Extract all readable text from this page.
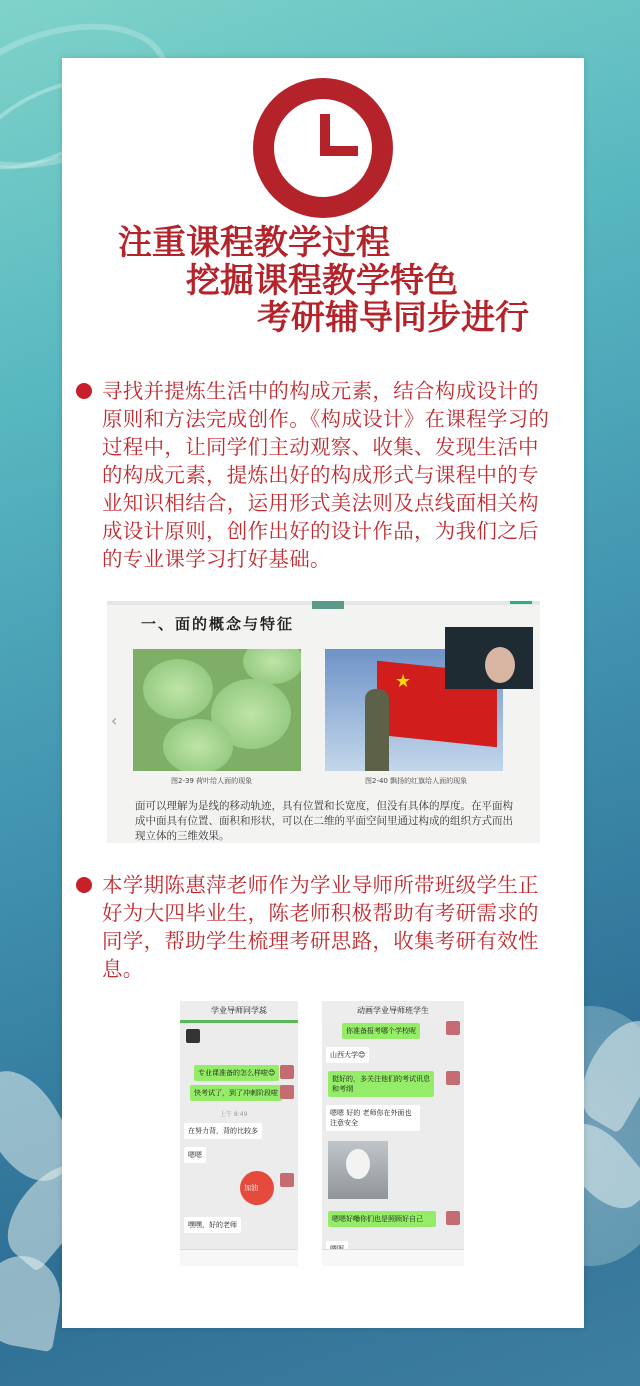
注重课程教学过程
挖掘课程教学特色
考研辅导同步进行
寻找并提炼生活中的构成元素，结合构成设计的原则和方法完成创作。《构成设计》在课程学习的过程中，让同学们主动观察、收集、发现生活中的构成元素，提炼出好的构成形式与课程中的专业知识相结合，运用形式美法则及点线面相关构成设计原则，创作出好的设计作品，为我们之后的专业课学习打好基础。
一、面的概念与特征
‹
★
图2-39 荷叶给人面的现象	图2-40 飘扬的红旗给人面的现象
面可以理解为是线的移动轨迹，具有位置和长宽度，但没有具体的厚度。在平面构成中面具有位置、面积和形状，可以在二维的平面空间里通过构成的组织方式而出现立体的三维效果。
本学期陈惠萍老师作为学业导师所带班级学生正好为大四毕业生，陈老师积极帮助有考研需求的同学，帮助学生梳理考研思路，收集考研有效性息。
学业导师同学蕊
专业课准备的怎么样啦😊
快考试了，到了冲刺阶段啦
上午 8:49
在努力背，背的比较多
嗯嗯
加油
嘿嘿，好的老师
动画学业导师班学生
你准备报考哪个学校呢
山西大学😊
挺好的，多关注他们的考试讯息和考纲
嗯嗯 好的 老师你在外面也注意安全
嗯嗯好嘞你们也是照顾好自己
